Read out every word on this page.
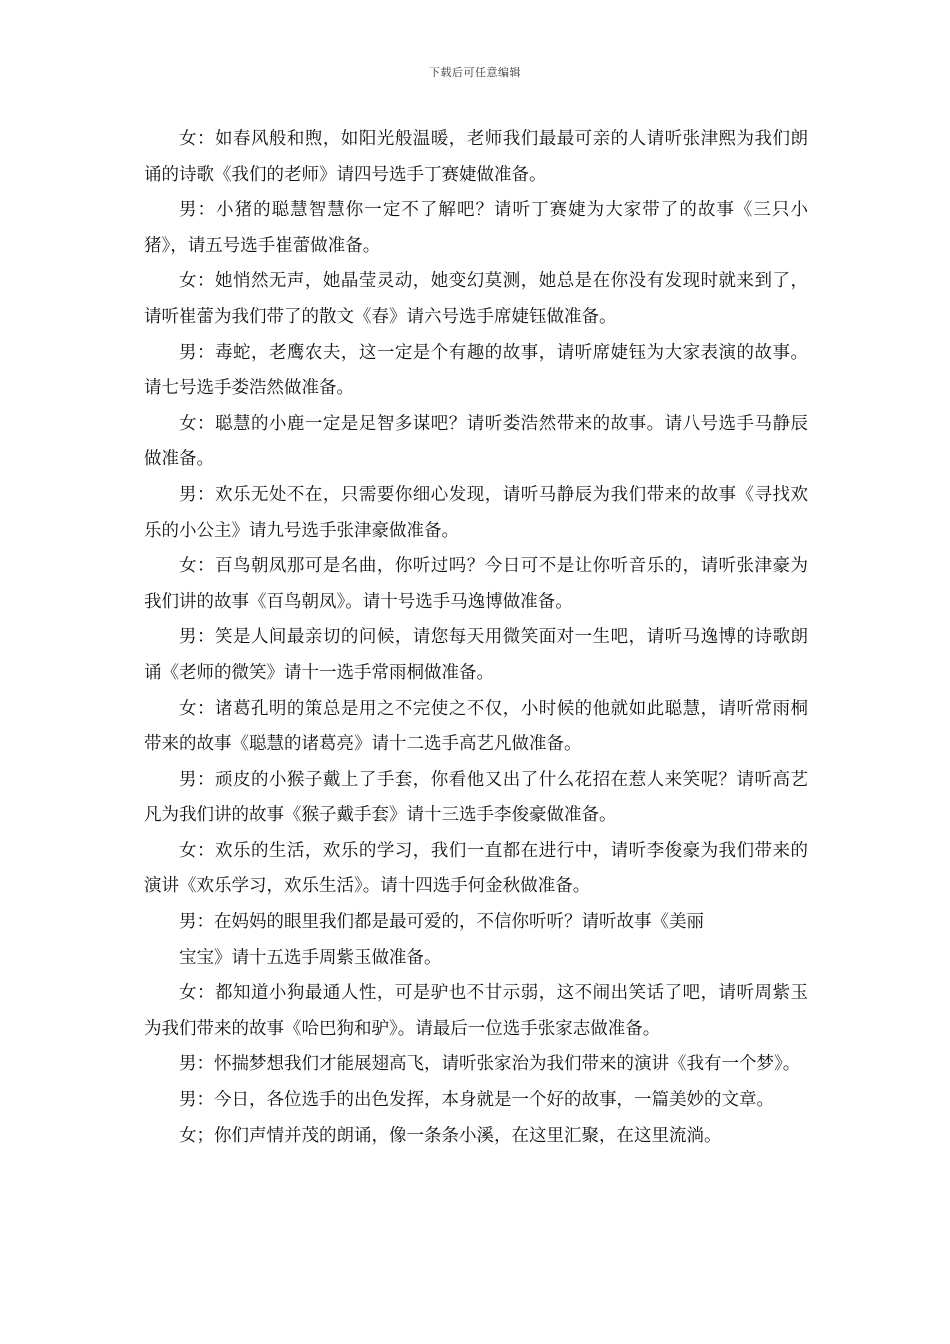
下载后可任意编辑

女：如春风般和煦，如阳光般温暖，老师我们最最可亲的人请听张津熙为我们朗诵的诗歌《我们的老师》请四号选手丁赛婕做准备。

男：小猪的聪慧智慧你一定不了解吧？请听丁赛婕为大家带了的故事《三只小猪》，请五号选手崔蕾做准备。

女：她悄然无声，她晶莹灵动，她变幻莫测，她总是在你没有发现时就来到了，请听崔蕾为我们带了的散文《春》请六号选手席婕钰做准备。

男：毒蛇，老鹰农夫，这一定是个有趣的故事，请听席婕钰为大家表演的故事。请七号选手娄浩然做准备。

女：聪慧的小鹿一定是足智多谋吧？请听娄浩然带来的故事。请八号选手马静辰做准备。

男：欢乐无处不在，只需要你细心发现，请听马静辰为我们带来的故事《寻找欢乐的小公主》请九号选手张津豪做准备。

女：百鸟朝凤那可是名曲，你听过吗？今日可不是让你听音乐的，请听张津豪为我们讲的故事《百鸟朝凤》。请十号选手马逸博做准备。

男：笑是人间最亲切的问候，请您每天用微笑面对一生吧，请听马逸博的诗歌朗诵《老师的微笑》请十一选手常雨桐做准备。

女：诸葛孔明的策总是用之不完使之不仅，小时候的他就如此聪慧，请听常雨桐带来的故事《聪慧的诸葛亮》请十二选手高艺凡做准备。

男：顽皮的小猴子戴上了手套，你看他又出了什么花招在惹人来笑呢？请听高艺凡为我们讲的故事《猴子戴手套》请十三选手李俊豪做准备。

女：欢乐的生活，欢乐的学习，我们一直都在进行中，请听李俊豪为我们带来的演讲《欢乐学习，欢乐生活》。请十四选手何金秋做准备。

男：在妈妈的眼里我们都是最可爱的，不信你听听？请听故事《美丽

宝宝》请十五选手周紫玉做准备。

女：都知道小狗最通人性，可是驴也不甘示弱，这不闹出笑话了吧，请听周紫玉为我们带来的故事《哈巴狗和驴》。请最后一位选手张家志做准备。

男：怀揣梦想我们才能展翅高飞，请听张家治为我们带来的演讲《我有一个梦》。

男：今日，各位选手的出色发挥，本身就是一个好的故事，一篇美妙的文章。

女；你们声情并茂的朗诵，像一条条小溪，在这里汇聚，在这里流淌。
